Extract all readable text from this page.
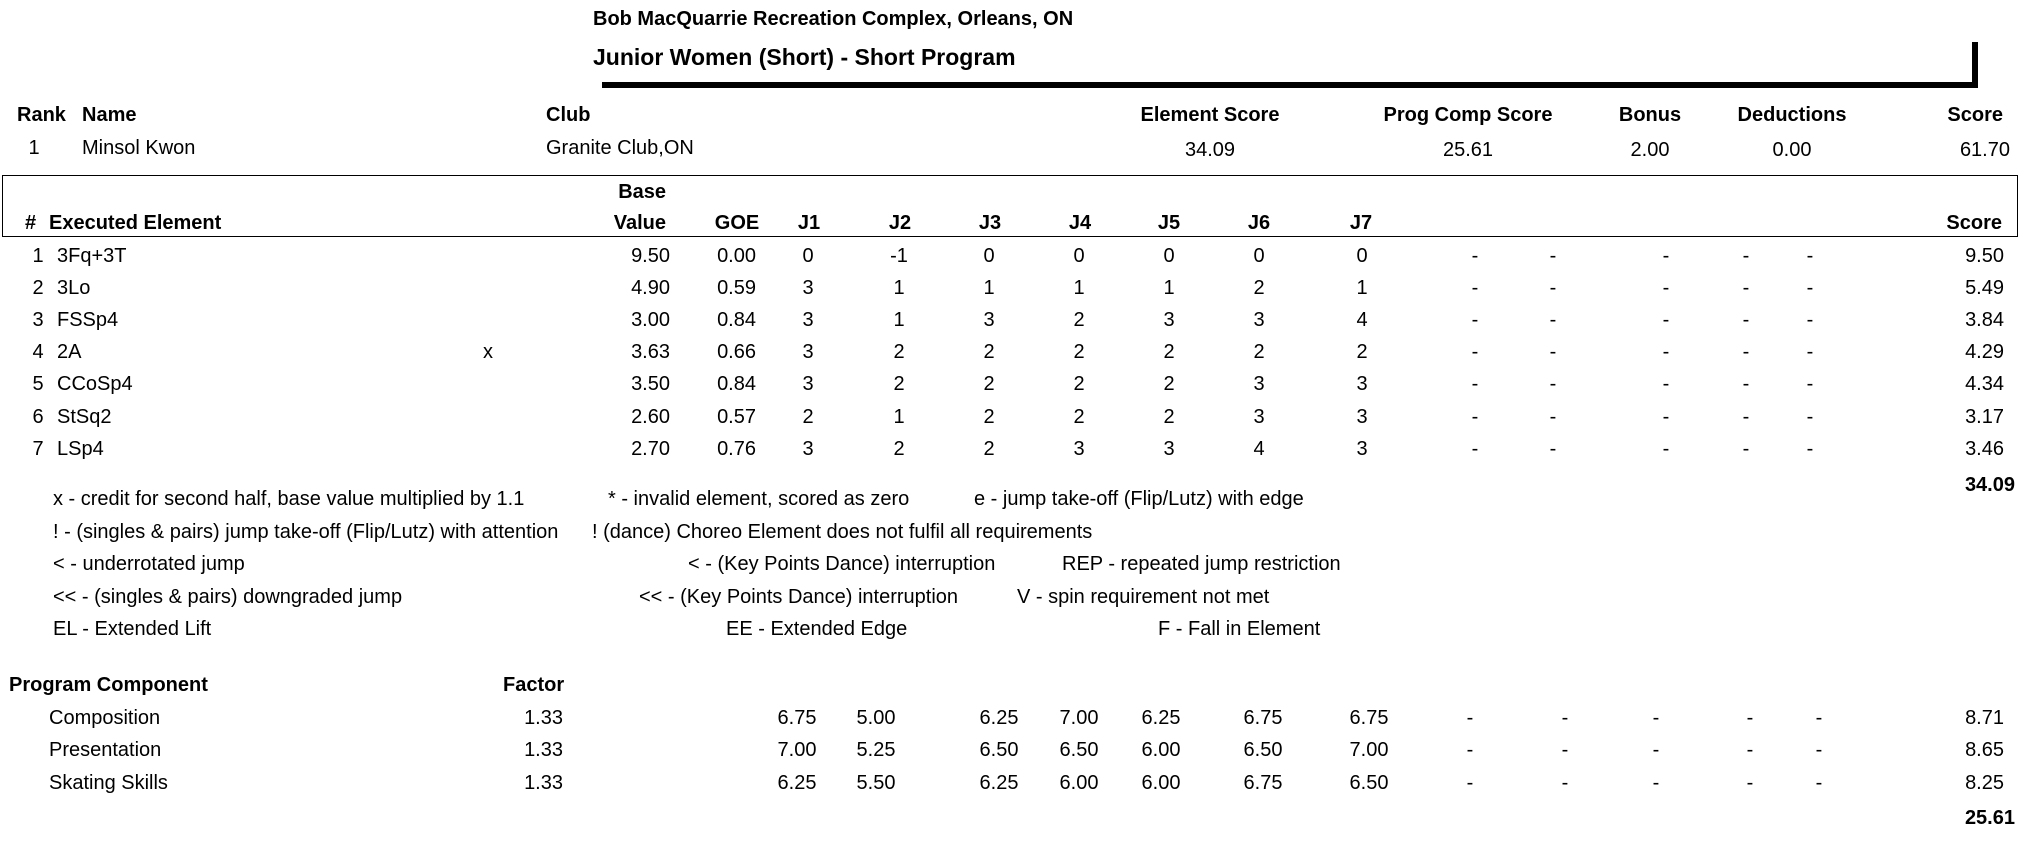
Bob MacQuarrie Recreation Complex, Orleans, ON
Junior Women (Short) - Short Program
Rank Name	Club	Element Score	Prog Comp Score	Bonus	Deductions	Score
1	Minsol Kwon	Granite Club,ON	34.09	25.61	2.00	0.00	61.70
# Executed Element
Base
Value	GOE	J1	J2	J3	J4	J5	J6	J7	Score
1 3Fq+3T	9.50	0.00	0	-1	0	0	0	0	0	-	-	-	-	-	9.50
2 3Lo	4.90	0.59	3	1	1	1	1	2	1	-	-	-	-	-	5.49
3 FSSp4	3.00	0.84	3	1	3	2	3	3	4	-	-	-	-	-	3.84
4 2A	x	3.63	0.66	3	2	2	2	2	2	2	-	-	-	-	-	4.29
5 CCoSp4	3.50	0.84	3	2	2	2	2	3	3	-	-	-	-	-	4.34
6 StSq2	2.60	0.57	2	1	2	2	2	3	3	-	-	-	-	-	3.17
7 LSp4	2.70	0.76	3	2	2	3	3	4	3	-	-	-	-	-	3.46
34.09
x - credit for second half, base value multiplied by 1.1	* - invalid element, scored as zero	e - jump take-off (Flip/Lutz) with edge
! - (singles & pairs) jump take-off (Flip/Lutz) with attention ! (dance) Choreo Element does not fulfil all requirements
< - underrotated jump	< - (Key Points Dance) interruption	REP - repeated jump restriction
<< - (singles & pairs) downgraded jump	<< - (Key Points Dance) interruption	V - spin requirement not met
EL - Extended Lift	EE - Extended Edge	F - Fall in Element
Program Component	Factor
Composition	1.33	6.75	5.00	6.25	7.00	6.25	6.75	6.75	-	-	-	-	-	8.71
Presentation	1.33	7.00	5.25	6.50	6.50	6.00	6.50	7.00	-	-	-	-	-	8.65
Skating Skills	1.33	6.25	5.50	6.25	6.00	6.00	6.75	6.50	-	-	-	-	-	8.25
25.61
